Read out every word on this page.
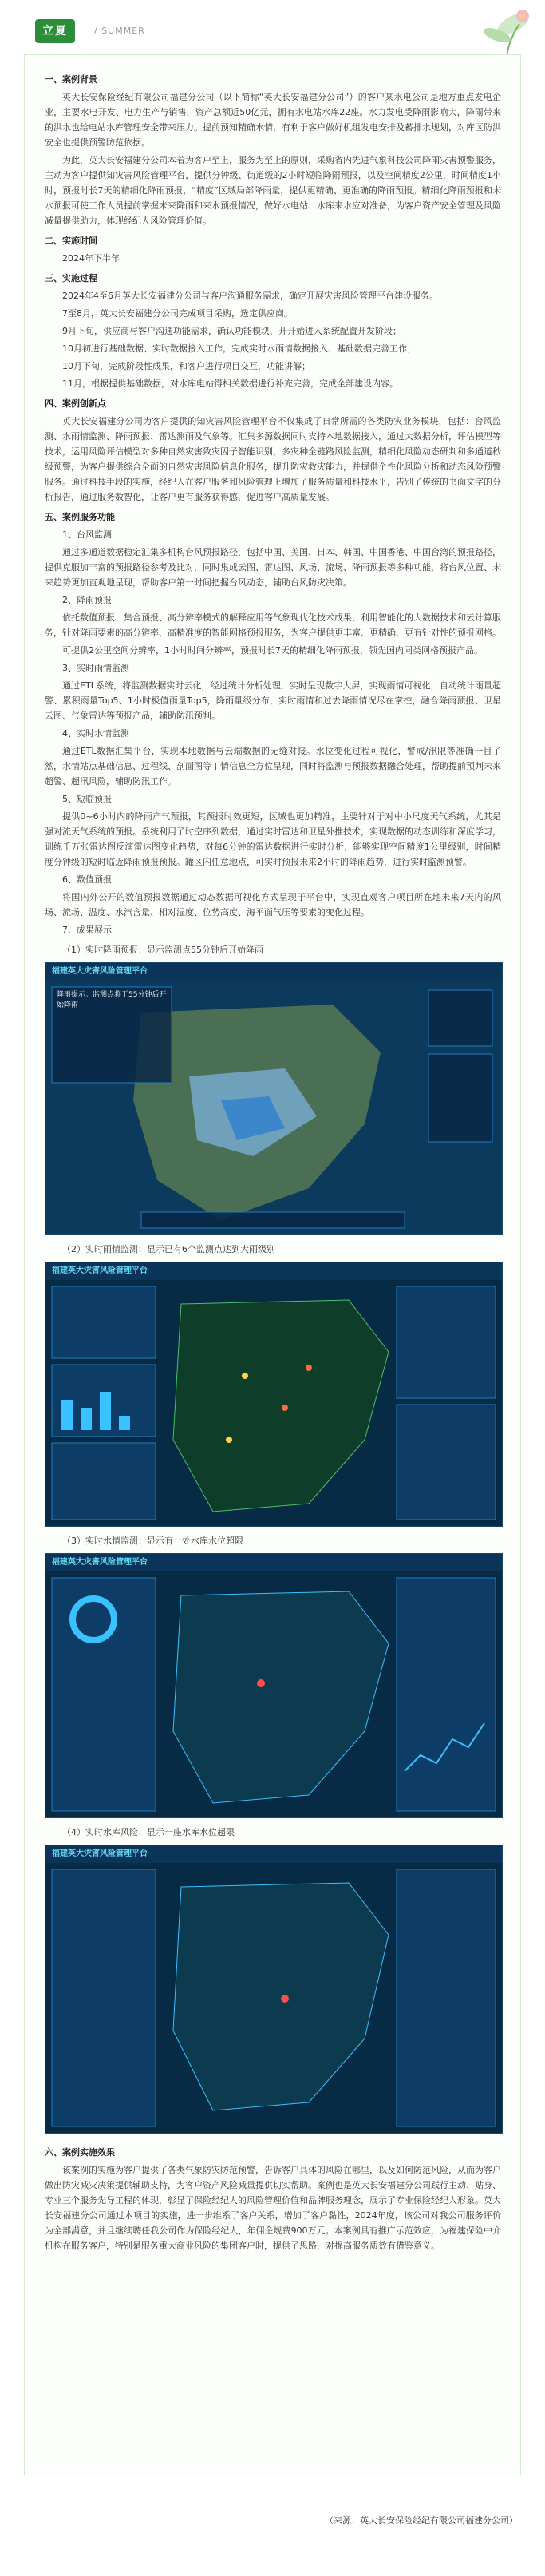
立夏	/ SUMMER

一、案例背景

英大长安保险经纪有限公司福建分公司（以下简称“英大长安福建分公司”）的客户某水电公司是地方重点发电企业，主要水电开发、电力生产与销售，资产总额近50亿元，拥有水电站水库22座。水力发电受降雨影响大，降雨带来的洪水也给电站水库管理安全带来压力。提前预知精确水情，有利于客户做好机组发电安排及蓄排水规划，对库区防洪安全也提供预警防范依据。

为此，英大长安福建分公司本着为客户至上，服务为至上的原则，采购省内先进气象科技公司降雨灾害预警服务，主动为客户提供知灾害风险管理平台，提供分钟级、街道级的2小时短临降雨预报，以及空间精度2公里，时间精度1小时，预报时长7天的精细化降雨预报，“精度”区域局部降雨量，提供更精确、更准确的降雨预报。精细化降雨预报和未水预报可使工作人员提前掌握未来降雨和来水预报情况，做好水电站、水库来水应对准备，为客户资产安全管理及风险减量提供助力，体现经纪人风险管理价值。

二、实施时间

2024年下半年

三、实施过程

2024年4至6月英大长安福建分公司与客户沟通服务需求，确定开展灾害风险管理平台建设服务。

7至8月，英大长安福建分公司完成项目采购，选定供应商。

9月下旬，供应商与客户沟通功能需求，确认功能模块，开开始进入系统配置开发阶段；

10月初进行基础数据、实时数据接入工作，完成实时水雨情数据接入、基础数据完善工作；

10月下旬，完成阶段性成果，和客户进行项目交互，功能讲解；

11月，根据提供基础数据，对水库电站得相关数据进行补充完善，完成全部建设内容。

四、案例创新点

英大长安福建分公司为客户提供的知灾害风险管理平台不仅集成了日常所需的各类防灾业务模块，包括：台风监测、水雨情监测、降雨预报、雷达测雨及气象等。汇集多源数据同时支持本地数据接入，通过大数据分析，评估模型等技术，运用风险评估模型对多种自然灾害致灾因子智能识别，多灾种全链路风险监测，精细化风险动态研判和多通道秒级预警，为客户提供综合全面的自然灾害风险信息化服务，提升防灾救灾能力，并提供个性化风险分析和动态风险预警服务。通过科技手段的实施，经纪人在客户服务和风险管理上增加了服务质量和科技水平，告别了传统的书面文字的分析报告，通过服务数智化，让客户更有服务获得感，促进客户高质量发展。

五、案例服务功能

1、台风监测

通过多通道数据稳定汇集多机构台风预报路径，包括中国、美国、日本、韩国、中国香港、中国台湾的预报路径，提供克服加丰富的预报路径参考及比对，同时集成云图、雷达图、风场、流场、降雨预报等多种功能，将台风位置、未来趋势更加直观地呈现，帮助客户第一时间把握台风动态，辅助台风防灾决策。

2、降雨预报

依托数值预报、集合预报、高分辨率模式的解释应用等气象现代化技术成果，利用智能化的大数据技术和云计算服务，针对降雨要素的高分辨率、高精准度的智能网格预报服务，为客户提供更丰富、更精确、更有针对性的预报网格。

可提供2公里空间分辨率，1小时时间分辨率，预报时长7天的精细化降雨预报，领先国内同类网格预报产品。

3、实时雨情监测

通过ETL系统，将监测数据实时云化，经过统计分析处理，实时呈现数字大屏，实现雨情可视化，自动统计雨量超警、累积雨量Top5、1小时极值雨量Top5，降雨量级分布，实时雨情和过去降雨情况尽在掌控，融合降雨预报、卫星云图、气象雷达等预报产品，辅助防汛预判。

4、实时水情监测

通过ETL数据汇集平台，实现本地数据与云端数据的无缝对接。水位变化过程可视化，警戒/汛限等准确一目了然，水情站点基础信息、过程线、剖面图等丁情信息全方位呈现，同时将监测与预报数据融合处理，帮助提前预判未来超警、超汛风险，辅助防汛工作。

5、短临预报

提供0~6小时内的降雨产气预报，其预报时效更短，区域也更加精准，主要针对于对中小尺度天气系统，尤其是强对流天气系统的预报。系统利用了时空序列数据，通过实时雷达和卫星外推技术，实现数据的动态训练和深度学习，训练千万张雷达图反演雷达图变化趋势，对每6分钟的雷达数据进行实时分析，能够实现空间精度1公里级别，时间精度分钟级的短时临近降雨预报预报。罐区内任意地点，可实时预报未来2小时的降雨趋势，进行实时监测预警。

6、数值预报

将国内外公开的数值预报数据通过动态数据可视化方式呈现于平台中，实现直观客户项目所在地未来7天内的风场、流场、温度、水汽含量、相对湿度、位势高度、海平面气压等要素的变化过程。

7、成果展示

（1）实时降雨预报：显示监测点55分钟后开始降雨

福建英大灾害风险管理平台
降雨提示：监测点将于55分钟后开始降雨

（2）实时雨情监测：显示已有6个监测点达到大雨级别

福建英大灾害风险管理平台

（3）实时水情监测：显示有一处水库水位超限

福建英大灾害风险管理平台

（4）实时水库风险：显示一座水库水位超限

福建英大灾害风险管理平台

六、案例实施效果

该案例的实施为客户提供了各类气象防灾防范预警，告诉客户具体的风险在哪里，以及如何防范风险，从而为客户做出防灾减灾决策提供辅助支持，为客户资产风险减量提供切实帮助。案例也是英大长安福建分公司践行主动、贴身、专业三个服务先导工程的体现，彰显了保险经纪人的风险管理价值和品牌服务理念，展示了专业保险经纪人形象。英大长安福建分公司通过本项目的实施，进一步维系了客户关系，增加了客户黏性，2024年度，该公司对我公司服务评价为全部满意，并且继续聘任我公司作为保险经纪人，年佣金规费900万元。本案例具有推广示范效应，为福建保险中介机构在服务客户，特别是服务重大商业风险的集团客户时，提供了思路，对提高服务质效有借鉴意义。

（来源：英大长安保险经纪有限公司福建分公司）
